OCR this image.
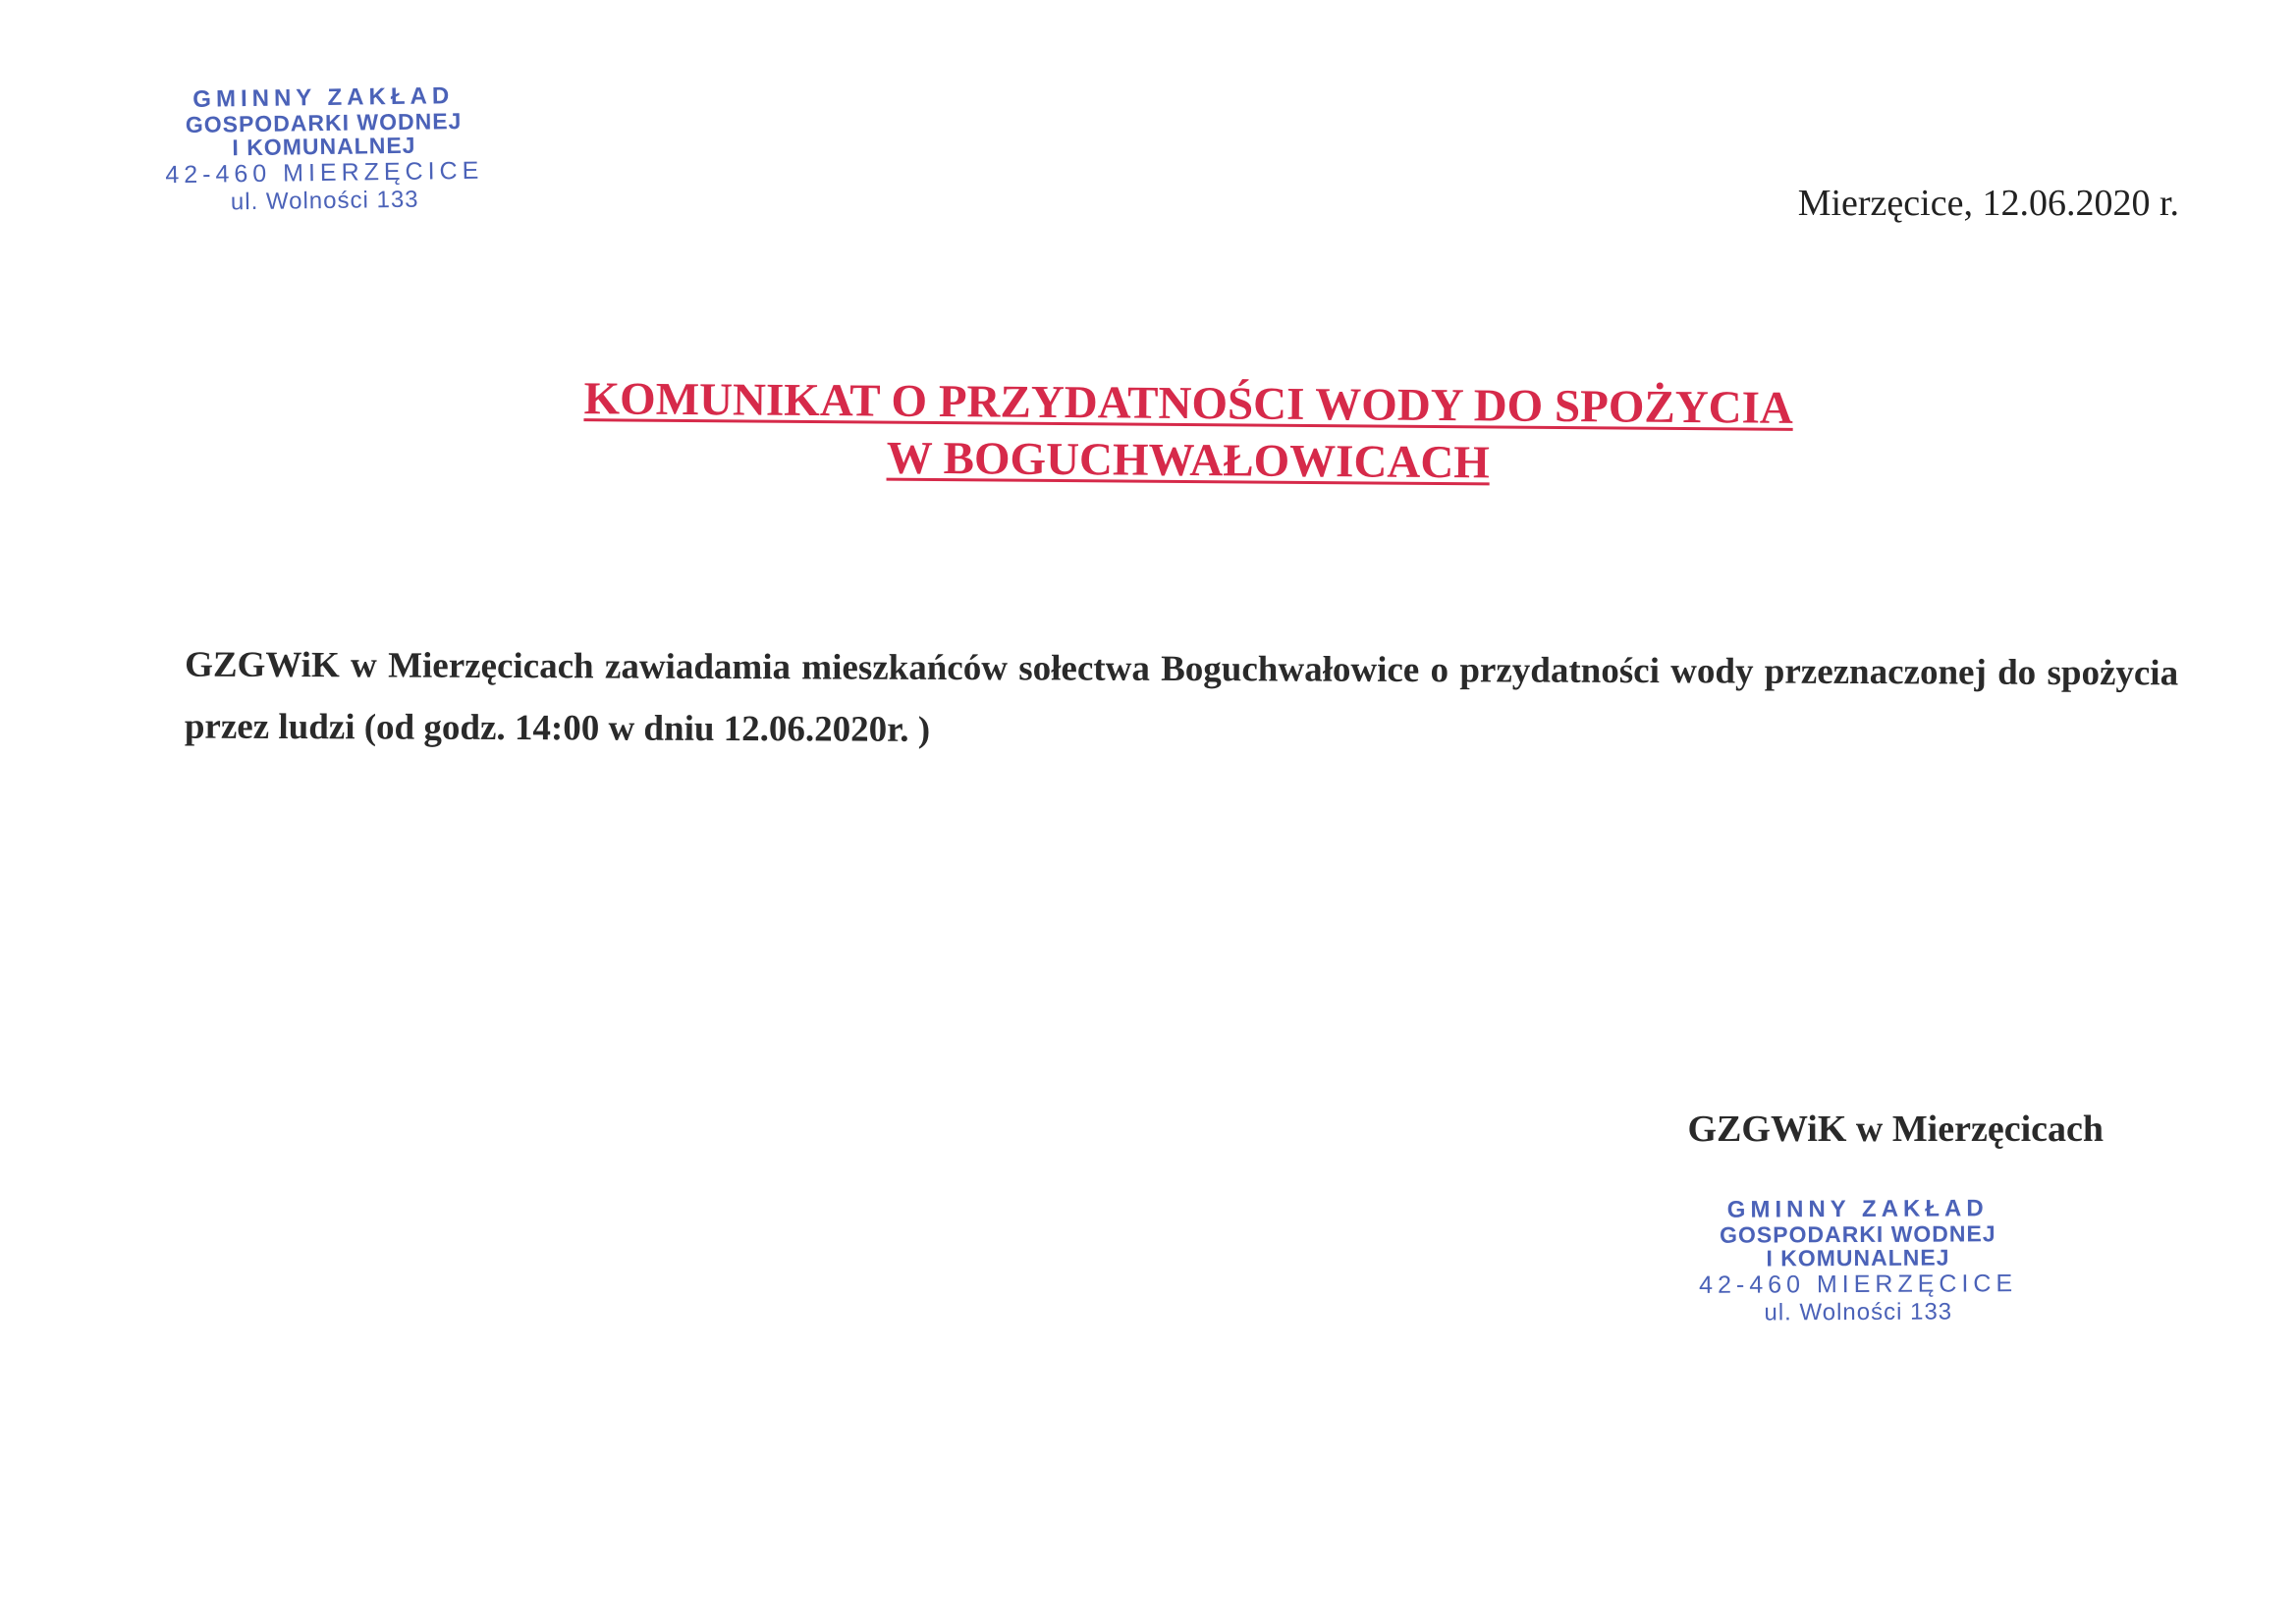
GMINNY ZAKŁAD
GOSPODARKI WODNEJ
I KOMUNALNEJ
42-460 MIERZĘCICE
ul. Wolności 133	Mierzęcice, 12.06.2020 r.
KOMUNIKAT O PRZYDATNOŚCI WODY DO SPOŻYCIA
W BOGUCHWAŁOWICACH
GZGWiK w Mierzęcicach zawiadamia mieszkańców sołectwa Boguchwałowice o przydatności wody przeznaczonej do spożycia przez ludzi (od godz. 14:00 w dniu 12.06.2020r. )
GZGWiK w Mierzęcicach
GMINNY ZAKŁAD
GOSPODARKI WODNEJ
I KOMUNALNEJ
42-460 MIERZĘCICE
ul. Wolności 133
